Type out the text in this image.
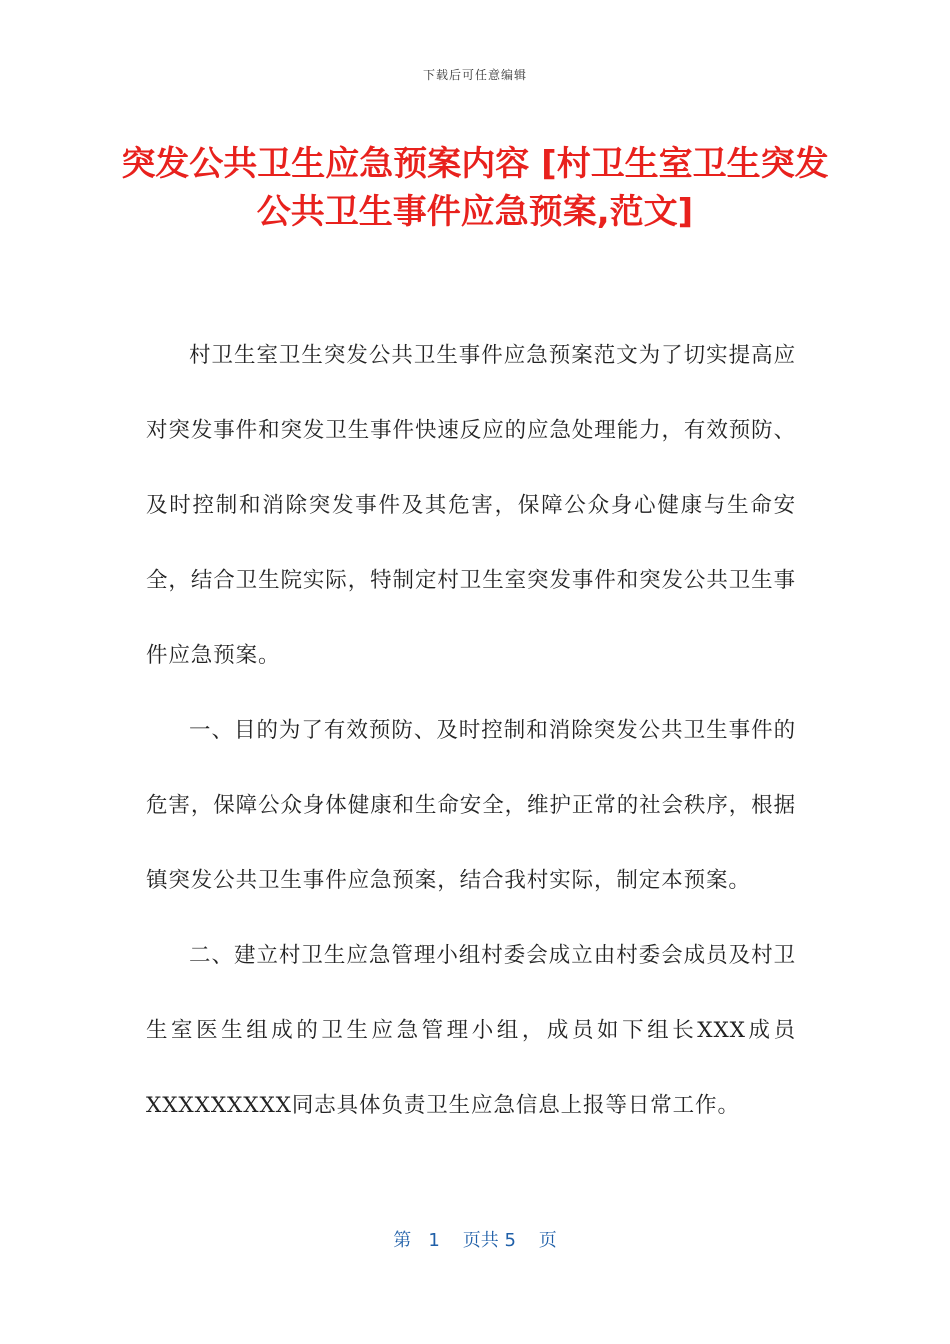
下载后可任意编辑
突发公共卫生应急预案内容 [村卫生室卫生突发公共卫生事件应急预案,范文]

村卫生室卫生突发公共卫生事件应急预案范文为了切实提高应对突发事件和突发卫生事件快速反应的应急处理能力，有效预防、及时控制和消除突发事件及其危害，保障公众身心健康与生命安全，结合卫生院实际，特制定村卫生室突发事件和突发公共卫生事件应急预案。

一、目的为了有效预防、及时控制和消除突发公共卫生事件的危害，保障公众身体健康和生命安全，维护正常的社会秩序，根据镇突发公共卫生事件应急预案，结合我村实际，制定本预案。

二、建立村卫生应急管理小组村委会成立由村委会成员及村卫生室医生组成的卫生应急管理小组，成员如下组长XXX成员XXXXXXXXX同志具体负责卫生应急信息上报等日常工作。

第 1 页共 5 页
